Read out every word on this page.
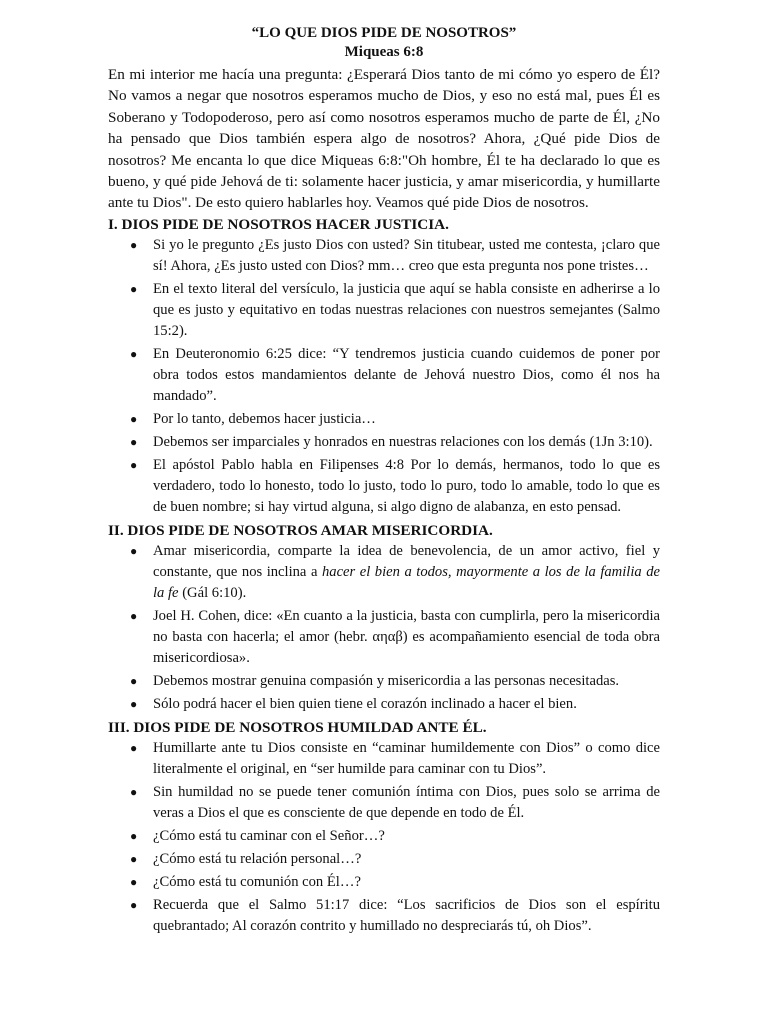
“LO QUE DIOS PIDE DE NOSOTROS”

Miqueas 6:8

En mi interior me hacía una pregunta: ¿Esperará Dios tanto de mi cómo yo espero de Él? No vamos a negar que nosotros esperamos mucho de Dios, y eso no está mal, pues Él es Soberano y Todopoderoso, pero así como nosotros esperamos mucho de parte de Él, ¿No ha pensado que Dios también espera algo de nosotros? Ahora, ¿Qué pide Dios de nosotros? Me encanta lo que dice Miqueas 6:8:"Oh hombre, Él te ha declarado lo que es bueno, y qué pide Jehová de ti: solamente hacer justicia, y amar misericordia, y humillarte ante tu Dios". De esto quiero hablarles hoy. Veamos qué pide Dios de nosotros.

I. DIOS PIDE DE NOSOTROS HACER JUSTICIA.

● Si yo le pregunto ¿Es justo Dios con usted? Sin titubear, usted me contesta, ¡claro que sí! Ahora, ¿Es justo usted con Dios? mm… creo que esta pregunta nos pone tristes…
● En el texto literal del versículo, la justicia que aquí se habla consiste en adherirse a lo que es justo y equitativo en todas nuestras relaciones con nuestros semejantes (Salmo 15:2).
● En Deuteronomio 6:25 dice: “Y tendremos justicia cuando cuidemos de poner por obra todos estos mandamientos delante de Jehová nuestro Dios, como él nos ha mandado”.
● Por lo tanto, debemos hacer justicia…
● Debemos ser imparciales y honrados en nuestras relaciones con los demás (1Jn 3:10).
● El apóstol Pablo habla en Filipenses 4:8 Por lo demás, hermanos, todo lo que es verdadero, todo lo honesto, todo lo justo, todo lo puro, todo lo amable, todo lo que es de buen nombre; si hay virtud alguna, si algo digno de alabanza, en esto pensad.

II. DIOS PIDE DE NOSOTROS AMAR MISERICORDIA.

● Amar misericordia, comparte la idea de benevolencia, de un amor activo, fiel y constante, que nos inclina a hacer el bien a todos, mayormente a los de la familia de la fe (Gál 6:10).
● Joel H. Cohen, dice: «En cuanto a la justicia, basta con cumplirla, pero la misericordia no basta con hacerla; el amor (hebr. αηαβ) es acompañamiento esencial de toda obra misericordiosa».
● Debemos mostrar genuina compasión y misericordia a las personas necesitadas.
● Sólo podrá hacer el bien quien tiene el corazón inclinado a hacer el bien.

III. DIOS PIDE DE NOSOTROS HUMILDAD ANTE ÉL.

● Humillarte ante tu Dios consiste en “caminar humildemente con Dios” o como dice literalmente el original, en “ser humilde para caminar con tu Dios”.
● Sin humildad no se puede tener comunión íntima con Dios, pues solo se arrima de veras a Dios el que es consciente de que depende en todo de Él.
● ¿Cómo está tu caminar con el Señor…?
● ¿Cómo está tu relación personal…?
● ¿Cómo está tu comunión con Él…?
● Recuerda que el Salmo 51:17 dice: “Los sacrificios de Dios son el espíritu quebrantado; Al corazón contrito y humillado no despreciarás tú, oh Dios”.
